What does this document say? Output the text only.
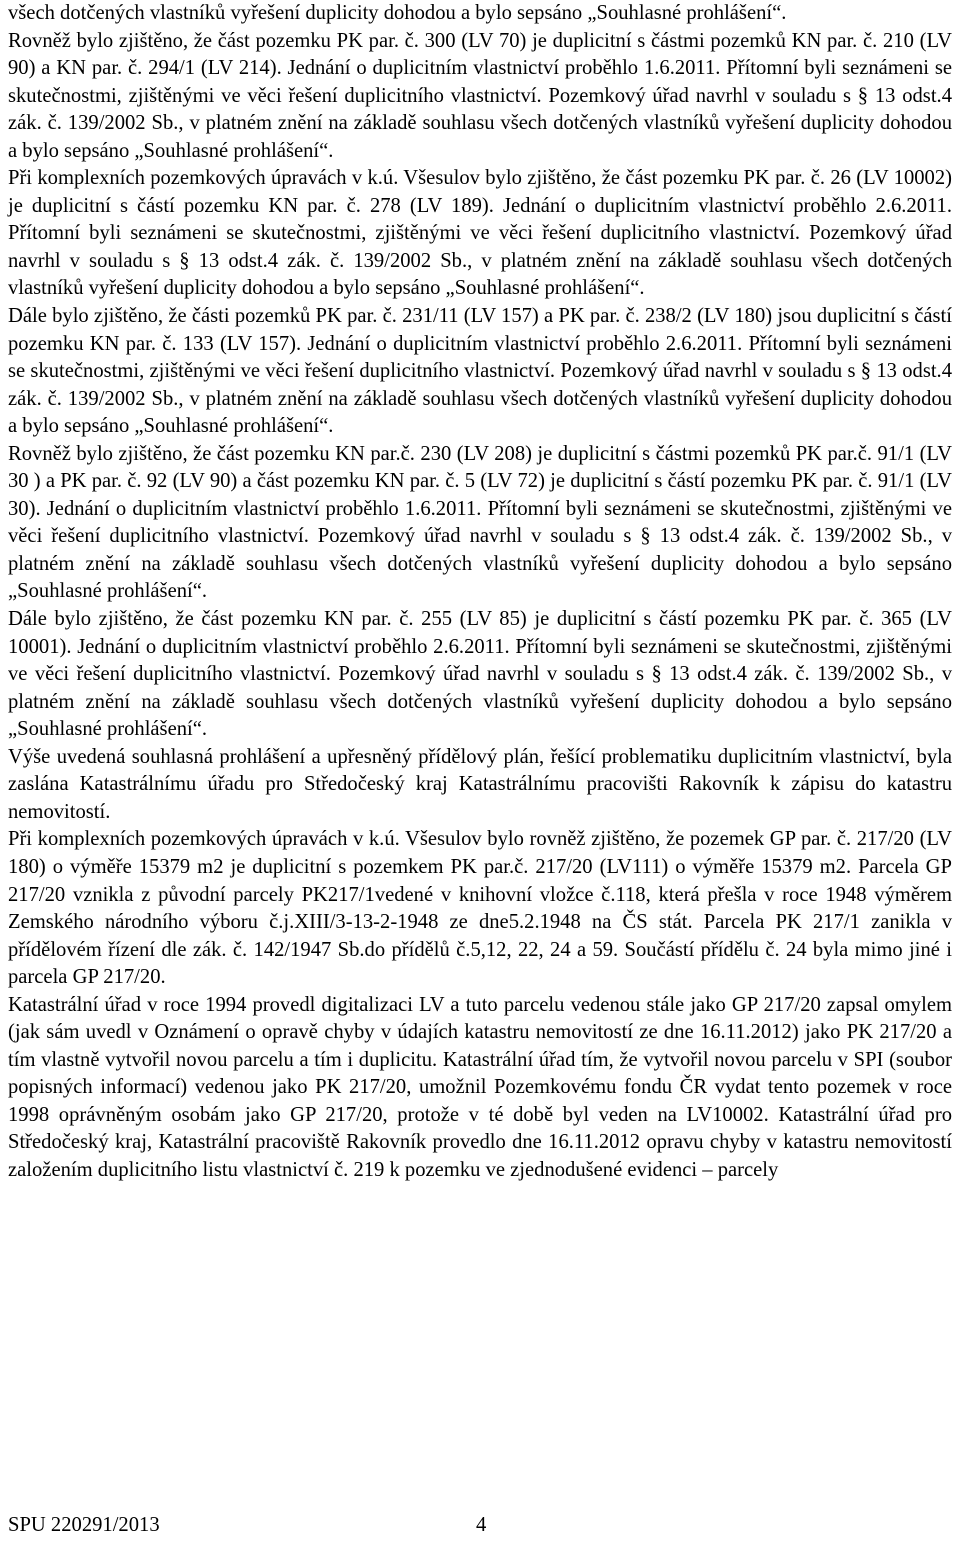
všech dotčených vlastníků vyřešení duplicity dohodou a bylo sepsáno „Souhlasné prohlášení“.

Rovněž bylo zjištěno, že část pozemku PK par. č. 300 (LV 70) je duplicitní s částmi pozemků KN par. č. 210 (LV 90) a KN par. č. 294/1 (LV 214). Jednání o duplicitním vlastnictví proběhlo 1.6.2011. Přítomní byli seznámeni se skutečnostmi, zjištěnými ve věci řešení duplicitního vlastnictví. Pozemkový úřad navrhl v souladu s § 13 odst.4 zák. č. 139/2002 Sb., v platném znění na základě souhlasu všech dotčených vlastníků vyřešení duplicity dohodou a bylo sepsáno „Souhlasné prohlášení“.

Při komplexních pozemkových úpravách v k.ú. Všesulov bylo zjištěno, že část pozemku PK par. č. 26 (LV 10002) je duplicitní s částí pozemku KN par. č. 278 (LV 189). Jednání o duplicitním vlastnictví proběhlo 2.6.2011. Přítomní byli seznámeni se skutečnostmi, zjištěnými ve věci řešení duplicitního vlastnictví. Pozemkový úřad navrhl v souladu s § 13 odst.4 zák. č. 139/2002 Sb., v platném znění na základě souhlasu všech dotčených vlastníků vyřešení duplicity dohodou a bylo sepsáno „Souhlasné prohlášení“.

Dále bylo zjištěno, že části pozemků PK par. č. 231/11 (LV 157) a PK par. č. 238/2 (LV 180) jsou duplicitní s částí pozemku KN par. č. 133 (LV 157). Jednání o duplicitním vlastnictví proběhlo 2.6.2011. Přítomní byli seznámeni se skutečnostmi, zjištěnými ve věci řešení duplicitního vlastnictví. Pozemkový úřad navrhl v souladu s § 13 odst.4 zák. č. 139/2002 Sb., v platném znění na základě souhlasu všech dotčených vlastníků vyřešení duplicity dohodou a bylo sepsáno „Souhlasné prohlášení“.

Rovněž bylo zjištěno, že část pozemku KN par.č. 230 (LV 208) je duplicitní s částmi pozemků PK par.č. 91/1 (LV 30 ) a PK par. č. 92 (LV 90) a část pozemku KN par. č. 5 (LV 72) je duplicitní s částí pozemku PK par. č. 91/1 (LV 30). Jednání o duplicitním vlastnictví proběhlo 1.6.2011. Přítomní byli seznámeni se skutečnostmi, zjištěnými ve věci řešení duplicitního vlastnictví. Pozemkový úřad navrhl v souladu s § 13 odst.4 zák. č. 139/2002 Sb., v platném znění na základě souhlasu všech dotčených vlastníků vyřešení duplicity dohodou a bylo sepsáno „Souhlasné prohlášení“.

Dále bylo zjištěno, že část pozemku KN par. č. 255 (LV 85) je duplicitní s částí pozemku PK par. č. 365 (LV 10001). Jednání o duplicitním vlastnictví proběhlo 2.6.2011. Přítomní byli seznámeni se skutečnostmi, zjištěnými ve věci řešení duplicitního vlastnictví. Pozemkový úřad navrhl v souladu s § 13 odst.4 zák. č. 139/2002 Sb., v platném znění na základě souhlasu všech dotčených vlastníků vyřešení duplicity dohodou a bylo sepsáno „Souhlasné prohlášení“.

Výše uvedená souhlasná prohlášení a upřesněný přídělový plán, řešící problematiku duplicitním vlastnictví, byla zaslána Katastrálnímu úřadu pro Středočeský kraj Katastrálnímu pracovišti Rakovník k zápisu do katastru nemovitostí.

Při komplexních pozemkových úpravách v k.ú. Všesulov bylo rovněž zjištěno, že pozemek GP par. č. 217/20 (LV 180) o výměře 15379 m2 je duplicitní s pozemkem PK par.č. 217/20 (LV111) o výměře 15379 m2. Parcela GP 217/20 vznikla z původní parcely PK217/1vedené v knihovní vložce č.118, která přešla v roce 1948 výměrem Zemského národního výboru č.j.XIII/3-13-2-1948 ze dne5.2.1948 na ČS stát. Parcela PK 217/1 zanikla v přídělovém řízení dle zák. č. 142/1947 Sb.do přídělů č.5,12, 22, 24 a 59. Součástí přídělu č. 24 byla mimo jiné i parcela GP 217/20.

Katastrální úřad v roce 1994 provedl digitalizaci LV a tuto parcelu vedenou stále jako GP 217/20 zapsal omylem (jak sám uvedl v Oznámení o opravě chyby v údajích katastru nemovitostí ze dne 16.11.2012) jako PK 217/20 a tím vlastně vytvořil novou parcelu a tím i duplicitu. Katastrální úřad tím, že vytvořil novou parcelu v SPI (soubor popisných informací) vedenou jako PK 217/20, umožnil Pozemkovému fondu ČR vydat tento pozemek v roce 1998 oprávněným osobám jako GP 217/20, protože v té době byl veden na LV10002. Katastrální úřad pro Středočeský kraj, Katastrální pracoviště Rakovník provedlo dne 16.11.2012 opravu chyby v katastru nemovitostí založením duplicitního listu vlastnictví č. 219 k pozemku ve zjednodušené evidenci – parcely

SPU 220291/2013	4
